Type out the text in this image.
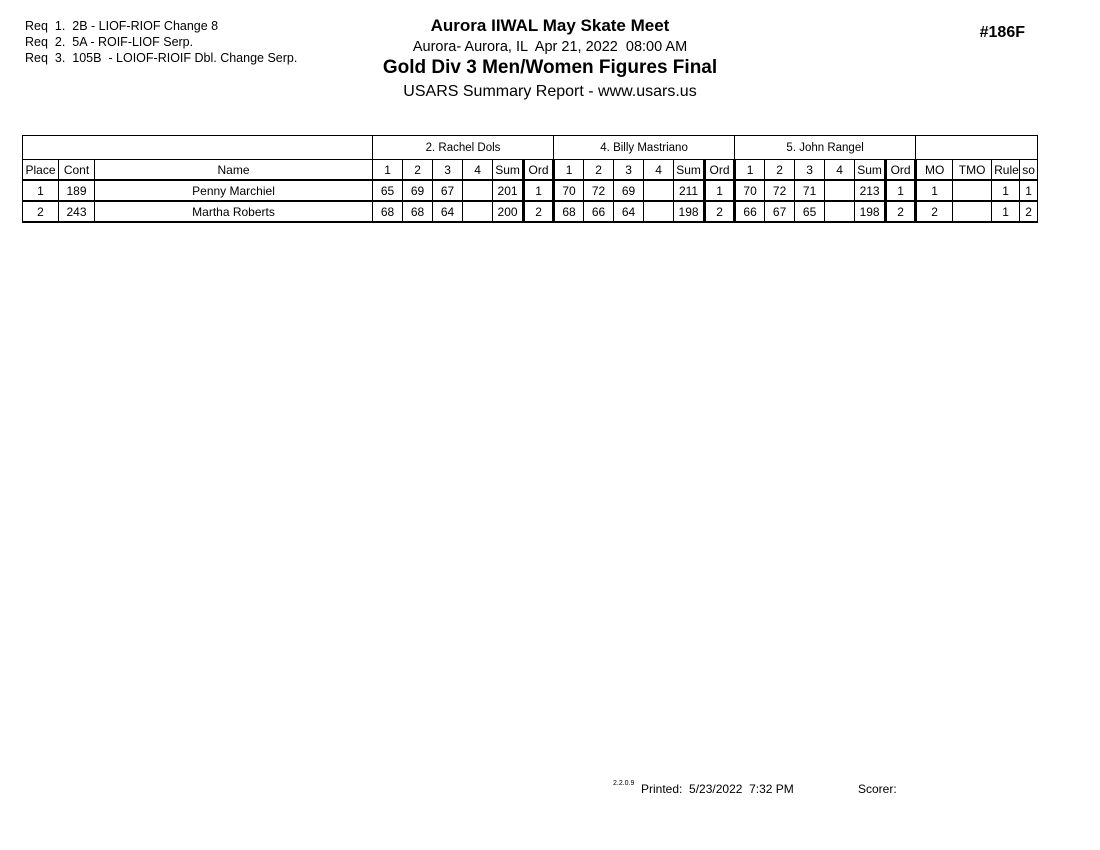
Req  1.  2B - LIOF-RIOF Change 8
Req  2.  5A - ROIF-LIOF Serp.
Req  3.  105B  - LOIOF-RIOIF Dbl. Change Serp.
Aurora IIWAL May Skate Meet
Aurora- Aurora, IL  Apr 21, 2022  08:00 AM
Gold Div 3 Men/Women Figures Final
USARS Summary Report - www.usars.us
#186F
			2. Rachel Dols						4. Billy Mastriano						5. John Rangel									
Place	Cont	Name	1	2	3	4	Sum	Ord	1	2	3	4	Sum	Ord	1	2	3	4	Sum	Ord	MO	TMO	Rule	so
1	189	Penny Marchiel	65	69	67		201	1	70	72	69		211	1	70	72	71		213	1	1		1	1
2	243	Martha Roberts	68	68	64		200	2	68	66	64		198	2	66	67	65		198	2	2		1	2
2.2.0.9 Printed: 5/23/2022  7:32 PM	Scorer:
